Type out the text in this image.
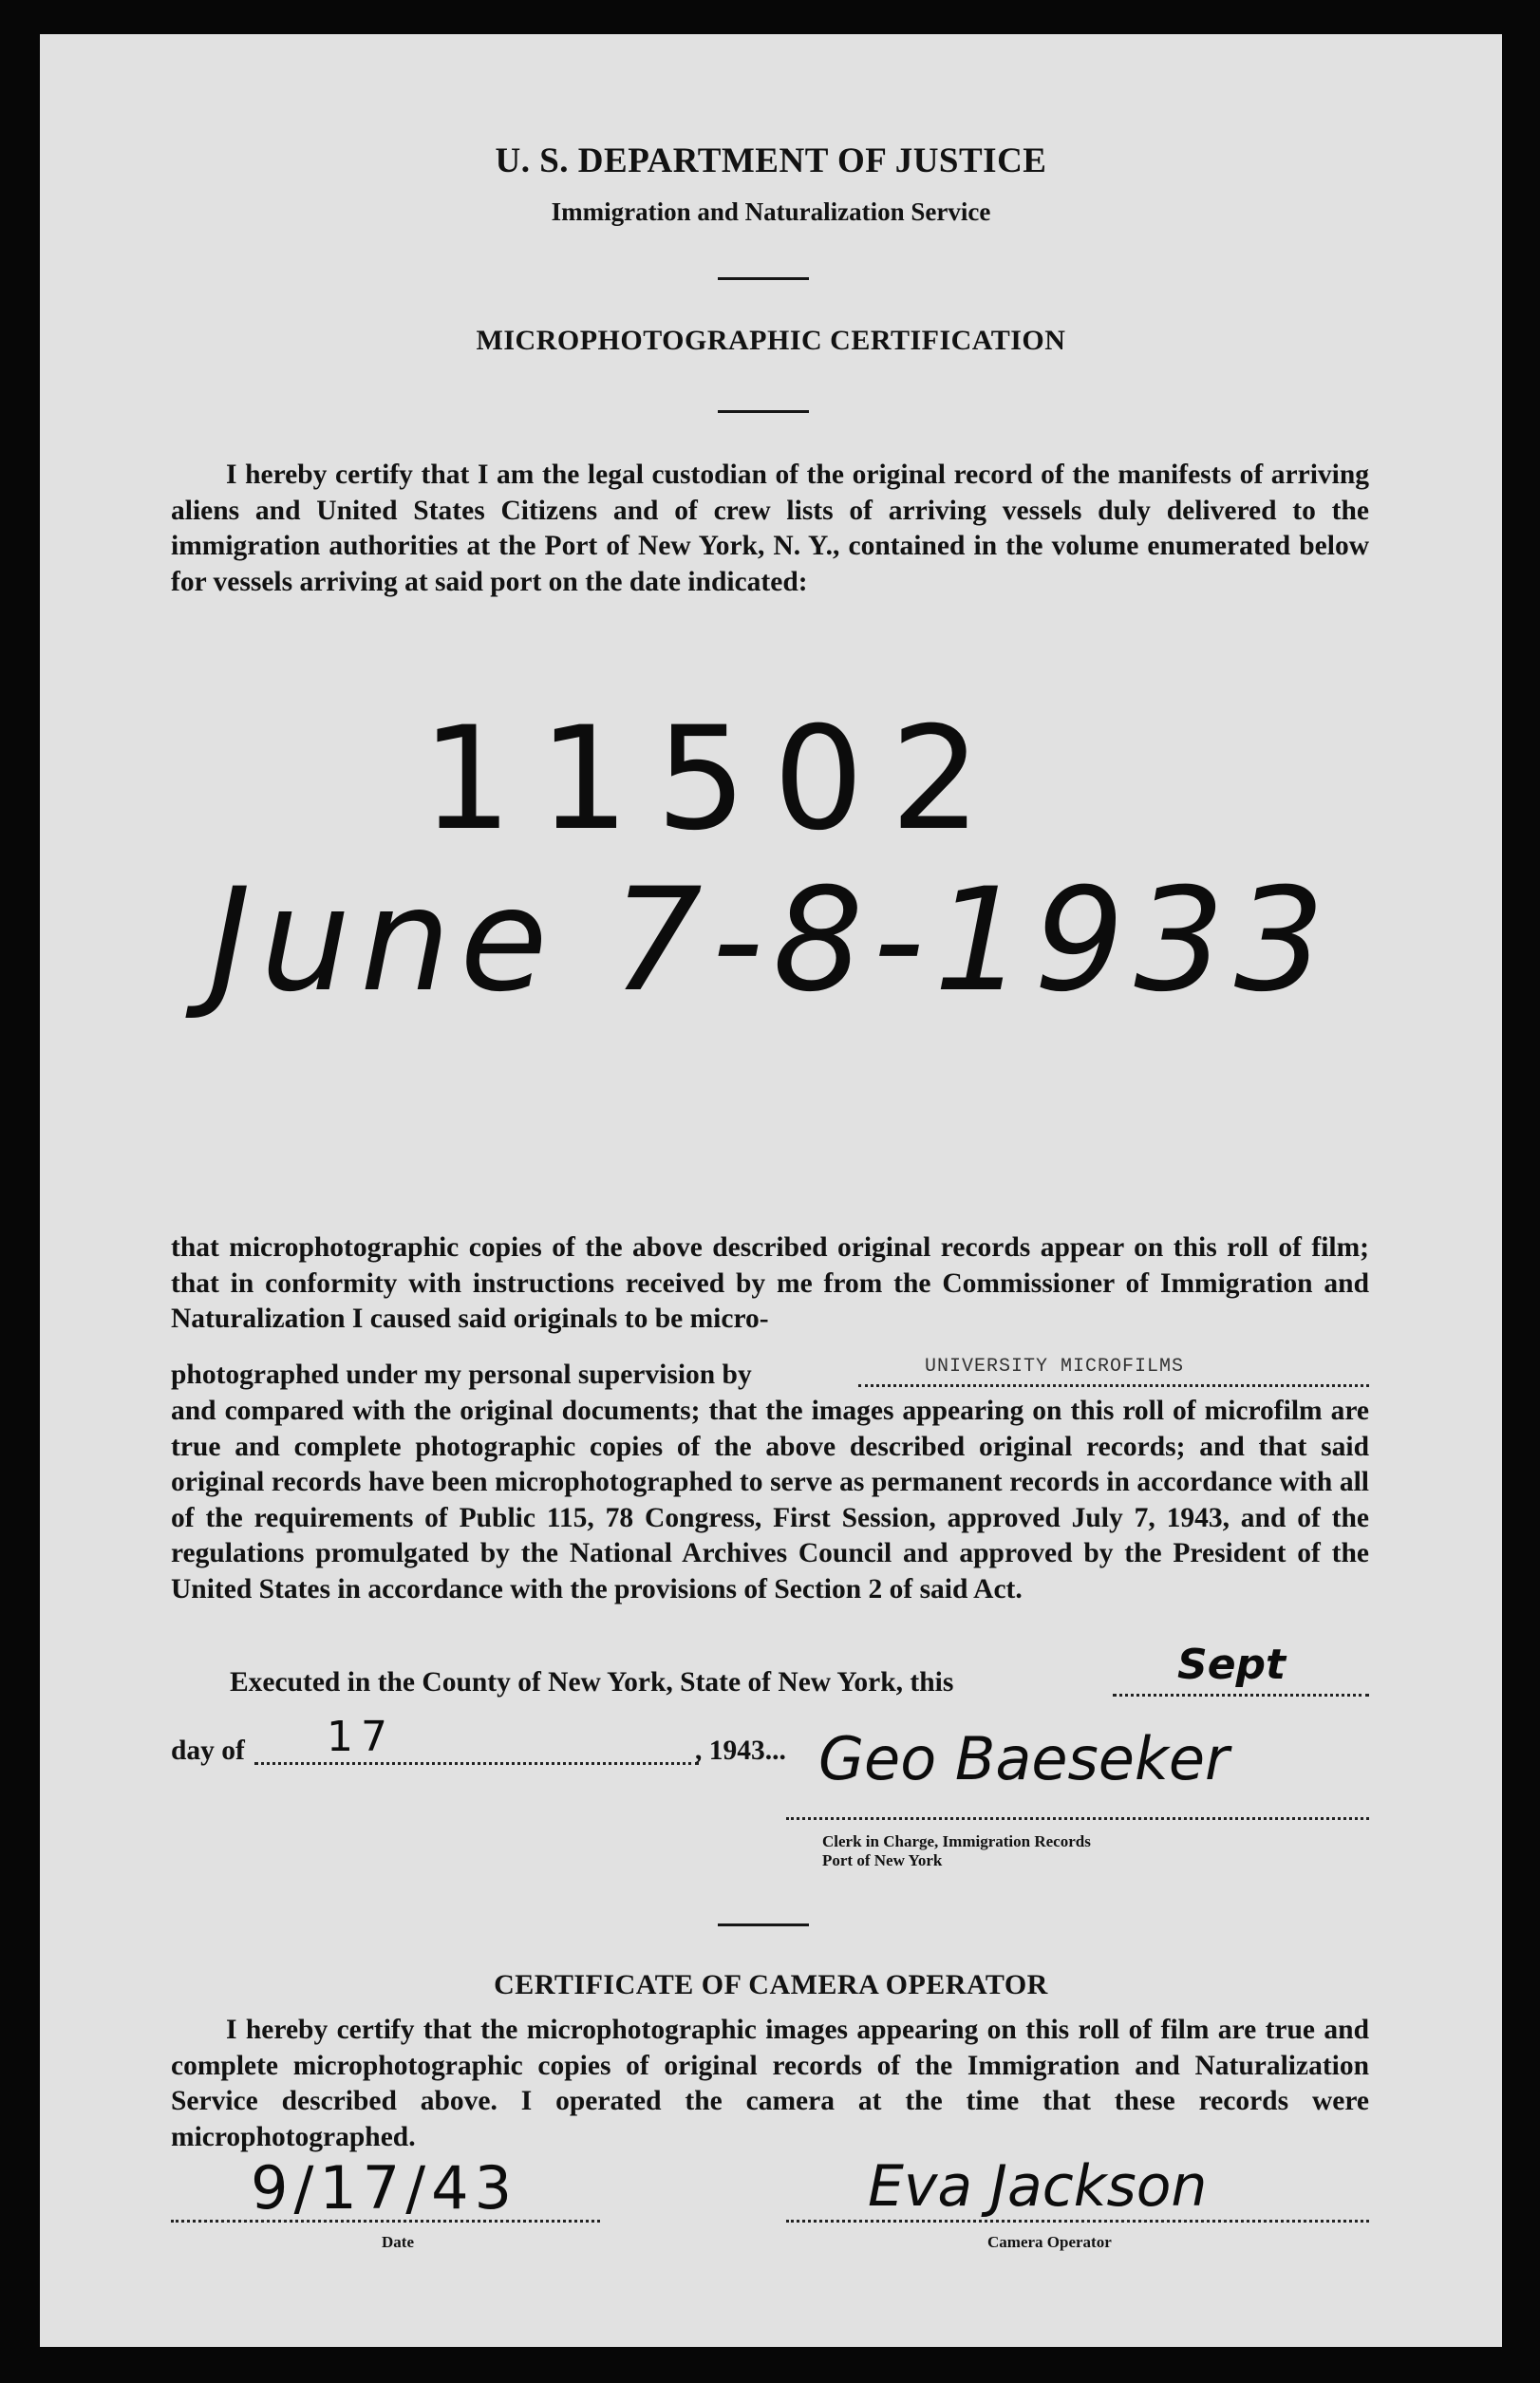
U. S. DEPARTMENT OF JUSTICE
Immigration and Naturalization Service
MICROPHOTOGRAPHIC CERTIFICATION

I hereby certify that I am the legal custodian of the original record of the manifests of arriving aliens and United States Citizens and of crew lists of arriving vessels duly delivered to the immigration authorities at the Port of New York, N. Y., contained in the volume enumerated below for vessels arriving at said port on the date indicated:

11502
June 7-8-1933

that microphotographic copies of the above described original records appear on this roll of film; that in conformity with instructions received by me from the Commissioner of Immigration and Naturalization I caused said originals to be micro-

photographed under my personal supervision by	UNIVERSITY MICROFILMS

and compared with the original documents; that the images appearing on this roll of microfilm are true and complete photographic copies of the above described original records; and that said original records have been microphotographed to serve as permanent records in accordance with all of the requirements of Public 115, 78 Congress, First Session, approved July 7, 1943, and of the regulations promulgated by the National Archives Council and approved by the President of the United States in accordance with the provisions of Section 2 of said Act.

Executed in the County of New York, State of New York, this	Sept
day of 17	, 1943... Geo Baeseker
Clerk in Charge, Immigration Records
Port of New York
CERTIFICATE OF CAMERA OPERATOR

I hereby certify that the microphotographic images appearing on this roll of film are true and complete microphotographic copies of original records of the Immigration and Naturalization Service described above. I operated the camera at the time that these records were microphotographed.

9/17/43
Date
Eva Jackson
Camera Operator
